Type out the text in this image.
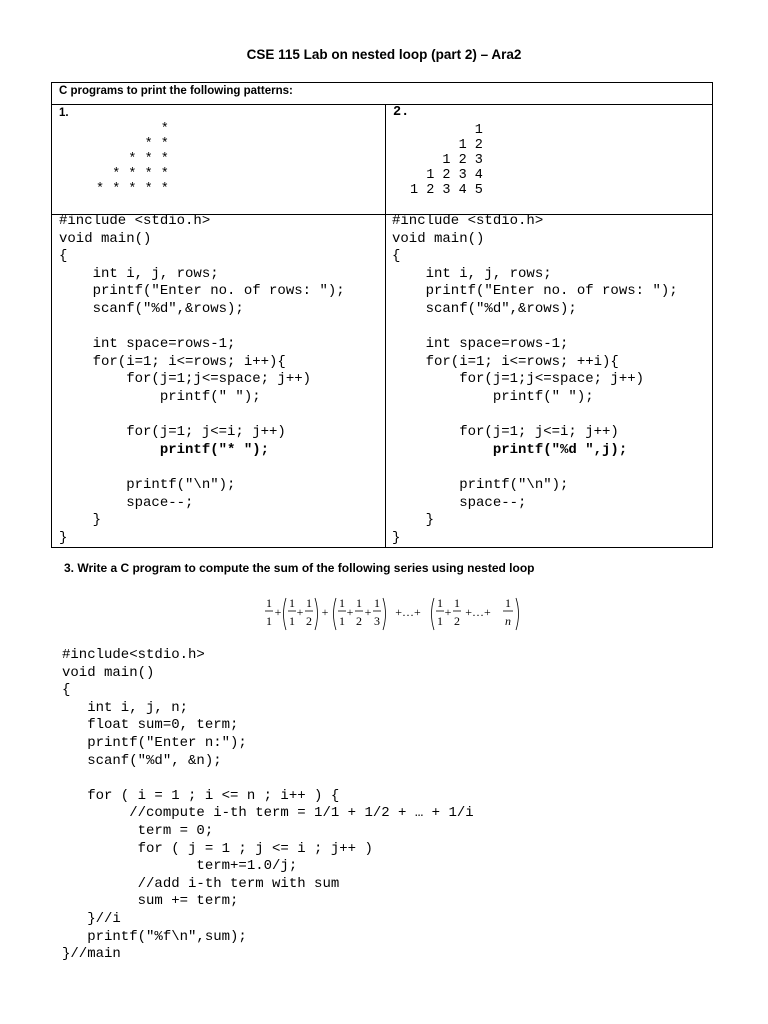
CSE 115 Lab on nested loop (part 2) – Ara2
C programs to print the following patterns:
1.
*
* *
* * *
* * * *
* * * * *
2.
1
1 2
1 2 3
1 2 3 4
1 2 3 4 5
#include <stdio.h>
void main()
{
int i, j, rows;
printf("Enter no. of rows: ");
scanf("%d",&rows);

int space=rows-1;
for(i=1; i<=rows; i++){
for(j=1;j<=space; j++)
printf(" ");

for(j=1; j<=i; j++)
printf("* ");

printf("\n");
space--;
}
}
#include <stdio.h>
void main()
{
int i, j, rows;
printf("Enter no. of rows: ");
scanf("%d",&rows);

int space=rows-1;
for(i=1; i<=rows; ++i){
for(j=1;j<=space; j++)
printf(" ");

for(j=1; j<=i; j++)
printf("%d ",j);

printf("\n");
space--;
}
}
3. Write a C program to compute the sum of the following series using nested loop
1
1
+
1
1
+
1
2
+
1
1
+
1
2
+
1
3
+…+
1
1
+
1
2
+…+
1
n
#include<stdio.h>
void main()
{
int i, j, n;
float sum=0, term;
printf("Enter n:");
scanf("%d", &n);

for ( i = 1 ; i <= n ; i++ ) {
//compute i-th term = 1/1 + 1/2 + … + 1/i
term = 0;
for ( j = 1 ; j <= i ; j++ )
term+=1.0/j;
//add i-th term with sum
sum += term;
}//i
printf("%f\n",sum);
}//main
